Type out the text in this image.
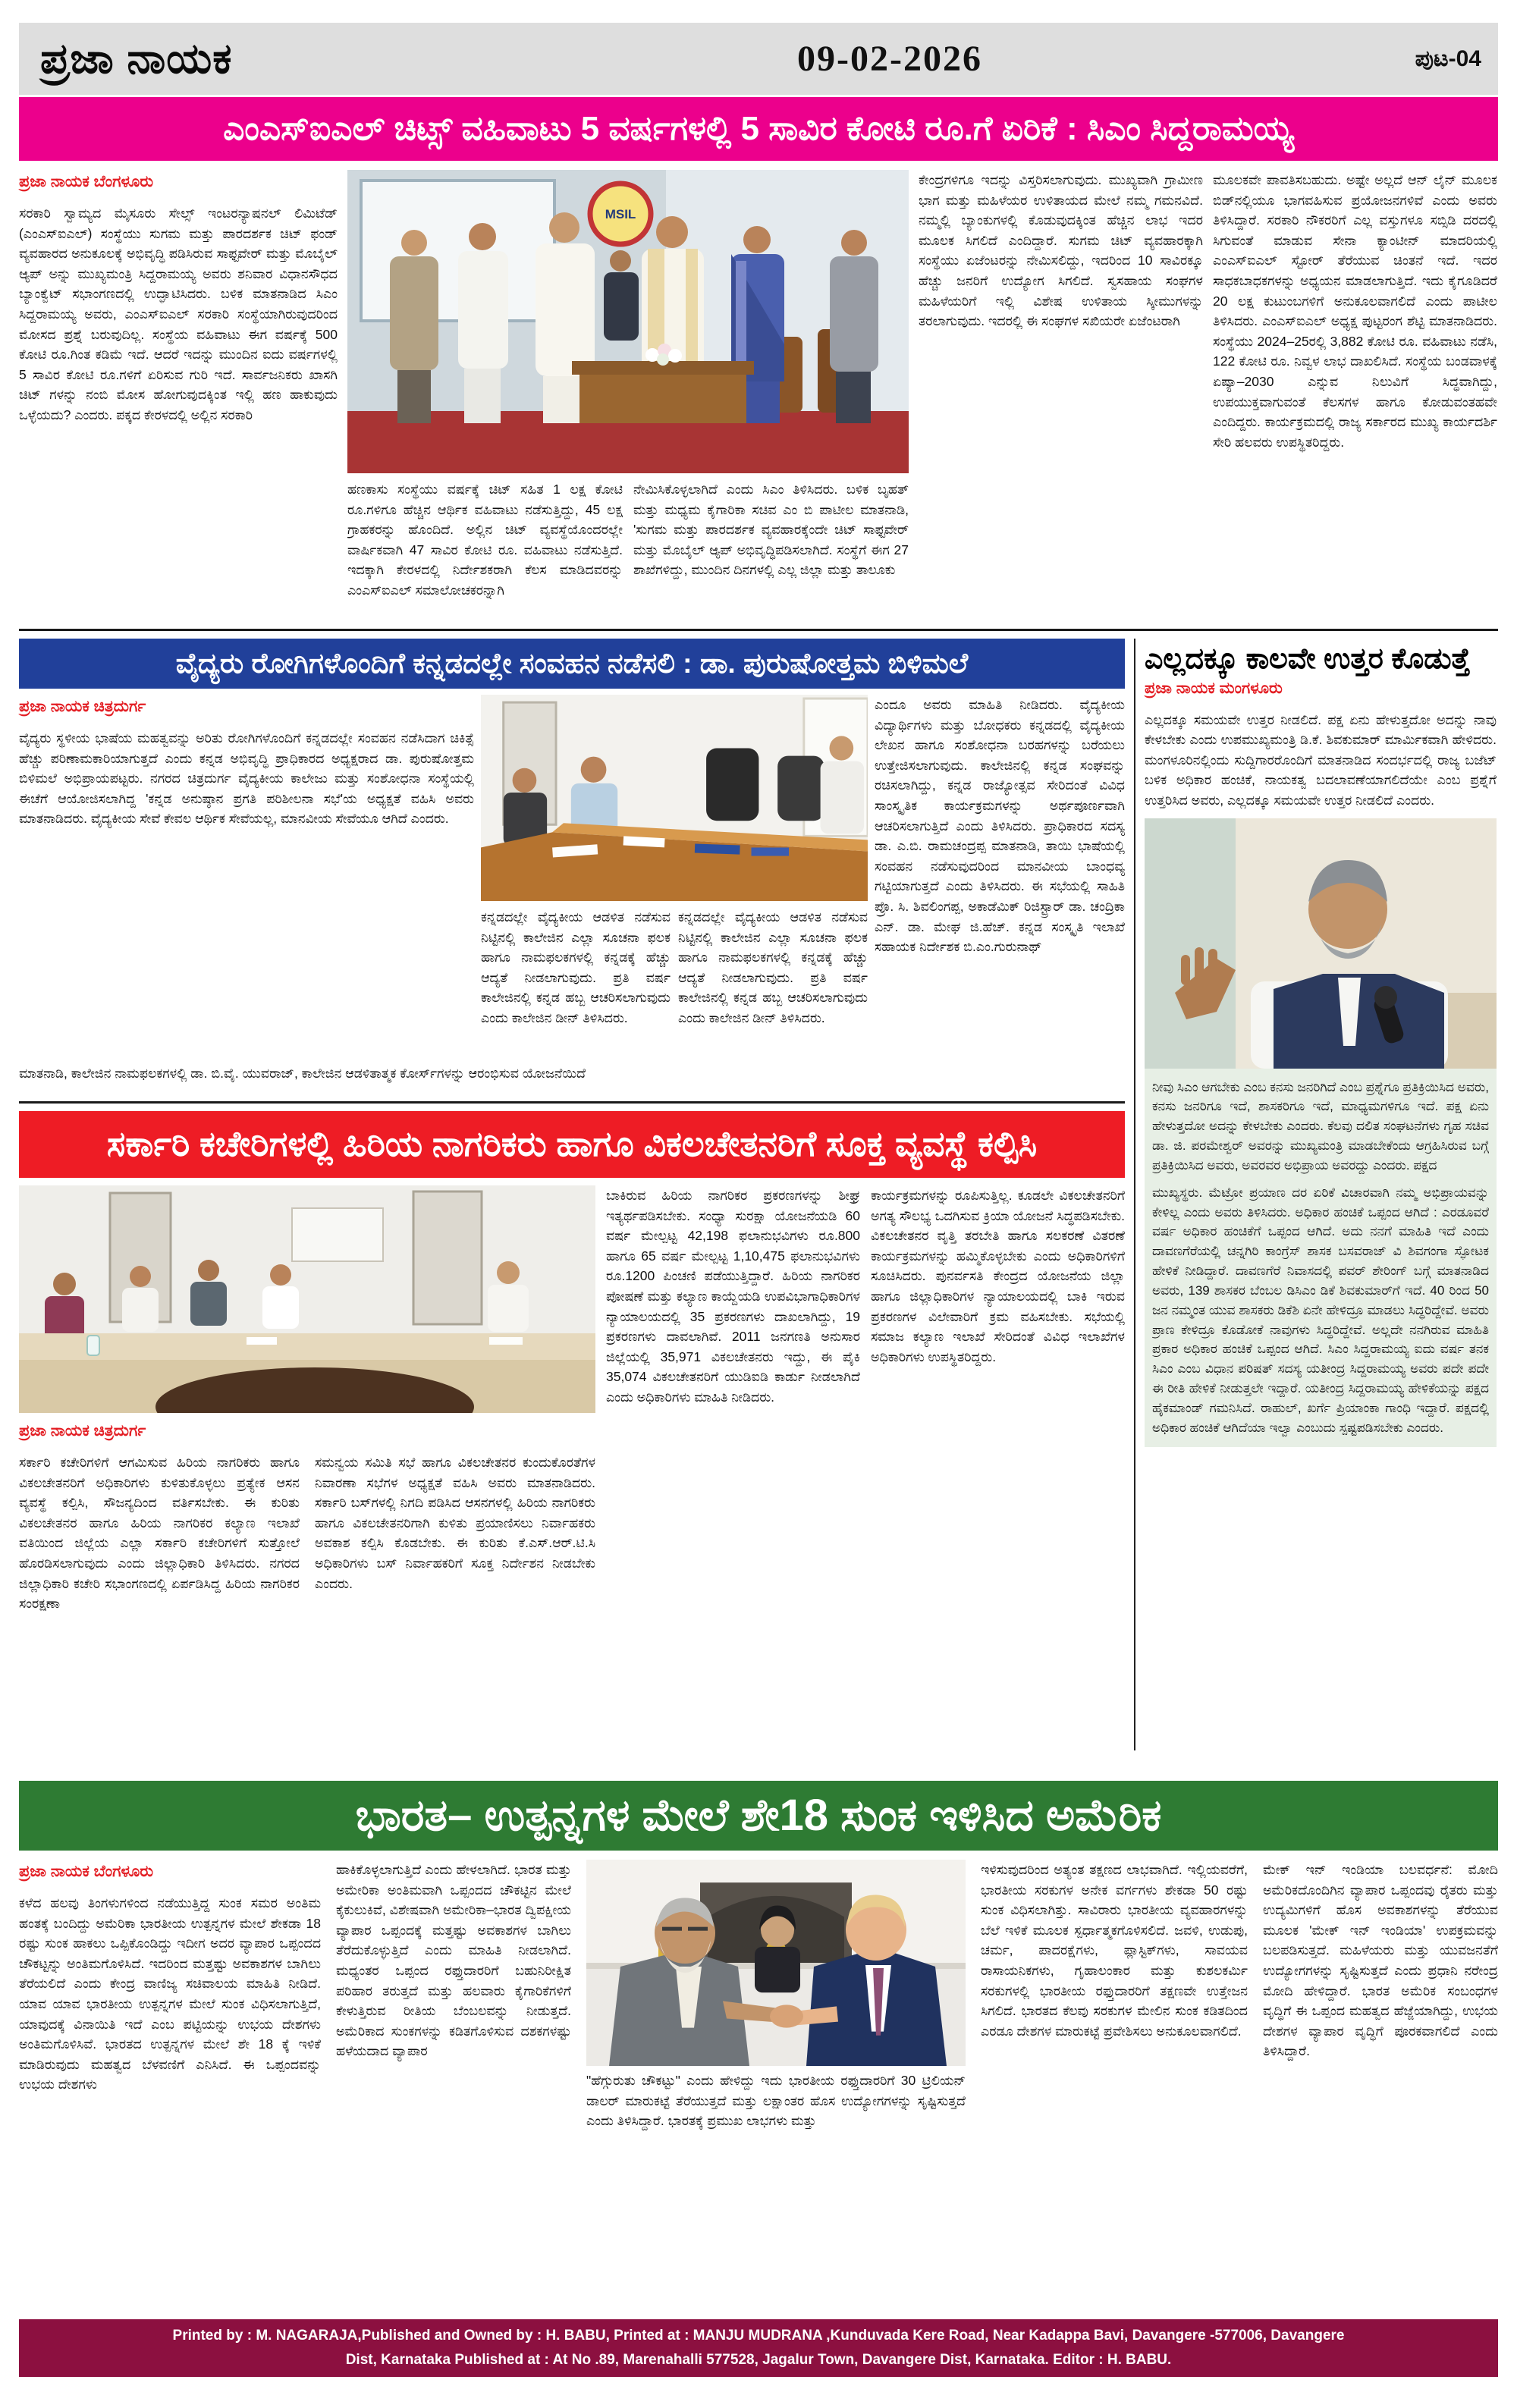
ಪ್ರಜಾ ನಾಯಕ	09-02-2026	ಪುಟ-04
ಎಂಎಸ್ಐಎಲ್ ಚಿಟ್ಸ್ ವಹಿವಾಟು 5 ವರ್ಷಗಳಲ್ಲಿ 5 ಸಾವಿರ ಕೋಟಿ ರೂ.ಗೆ ಏರಿಕೆ : ಸಿಎಂ ಸಿದ್ದರಾಮಯ್ಯ
ಪ್ರಜಾ ನಾಯಕ ಬೆಂಗಳೂರು
ಸರಕಾರಿ ಸ್ವಾಮ್ಯದ ಮೈಸೂರು ಸೇಲ್ಸ್ ಇಂಟರನ್ಯಾಷನಲ್ ಲಿಮಿಟೆಡ್ (ಎಂಎಸ್ಐಎಲ್) ಸಂಸ್ಥೆಯು ಸುಗಮ ಮತ್ತು ಪಾರದರ್ಶಕ ಚಿಟ್ ಫಂಡ್ ವ್ಯವಹಾರದ ಅನುಕೂಲಕ್ಕೆ ಅಭಿವೃದ್ಧಿ ಪಡಿಸಿರುವ ಸಾಫ್ಟವೇರ್ ಮತ್ತು ಮೊಬೈಲ್ ಆ್ಯಪ್ ಅನ್ನು ಮುಖ್ಯಮಂತ್ರಿ ಸಿದ್ದರಾಮಯ್ಯ ಅವರು ಶನಿವಾರ ವಿಧಾನಸೌಧದ ಬ್ಯಾಂಕ್ವೆಟ್ ಸಭಾಂಗಣದಲ್ಲಿ ಉದ್ಘಾಟಿಸಿದರು. ಬಳಿಕ ಮಾತನಾಡಿದ ಸಿಎಂ ಸಿದ್ದರಾಮಯ್ಯ ಅವರು, ಎಂಎಸ್ಐಎಲ್ ಸರಕಾರಿ ಸಂಸ್ಥೆಯಾಗಿರುವುದರಿಂದ ಮೋಸದ ಪ್ರಶ್ನೆ ಬರುವುದಿಲ್ಲ. ಸಂಸ್ಥೆಯ ವಹಿವಾಟು ಈಗ ವರ್ಷಕ್ಕೆ 500 ಕೋಟಿ ರೂ.ಗಿಂತ ಕಡಿಮೆ ಇದೆ. ಆದರೆ ಇದನ್ನು ಮುಂದಿನ ಐದು ವರ್ಷಗಳಲ್ಲಿ 5 ಸಾವಿರ ಕೋಟಿ ರೂ.ಗಳಿಗೆ ಏರಿಸುವ ಗುರಿ ಇದೆ. ಸಾರ್ವಜನಿಕರು ಖಾಸಗಿ ಚಿಟ್ ಗಳನ್ನು ನಂಬಿ ಮೋಸ ಹೋಗುವುದಕ್ಕಿಂತ ಇಲ್ಲಿ ಹಣ ಹಾಕುವುದು ಒಳ್ಳೆಯದು? ಎಂದರು. ಪಕ್ಕದ ಕೇರಳದಲ್ಲಿ ಅಲ್ಲಿನ ಸರಕಾರಿ
MSIL
ಹಣಕಾಸು ಸಂಸ್ಥೆಯು ವರ್ಷಕ್ಕೆ ಚಿಟ್ ಸಹಿತ 1 ಲಕ್ಷ ಕೋಟಿ ರೂ.ಗಳಿಗೂ ಹೆಚ್ಚಿನ ಆರ್ಥಿಕ ವಹಿವಾಟು ನಡೆಸುತ್ತಿದ್ದು, 45 ಲಕ್ಷ ಗ್ರಾಹಕರನ್ನು ಹೊಂದಿದೆ. ಅಲ್ಲಿನ ಚಿಟ್ ವ್ಯವಸ್ಥೆಯೊಂದರಲ್ಲೇ ವಾರ್ಷಿಕವಾಗಿ 47 ಸಾವಿರ ಕೋಟಿ ರೂ. ವಹಿವಾಟು ನಡೆಸುತ್ತಿದೆ. ಇದಕ್ಕಾಗಿ ಕೇರಳದಲ್ಲಿ ನಿರ್ದೇಶಕರಾಗಿ ಕೆಲಸ ಮಾಡಿದವರನ್ನು ಎಂಎಸ್ಐಎಲ್ ಸಮಾಲೋಚಕರನ್ನಾಗಿ
ನೇಮಿಸಿಕೊಳ್ಳಲಾಗಿದೆ ಎಂದು ಸಿಎಂ ತಿಳಿಸಿದರು. ಬಳಿಕ ಬೃಹತ್ ಮತ್ತು ಮಧ್ಯಮ ಕೈಗಾರಿಕಾ ಸಚಿವ ಎಂ ಬಿ ಪಾಟೀಲ ಮಾತನಾಡಿ, 'ಸುಗಮ ಮತ್ತು ಪಾರದರ್ಶಕ ವ್ಯವಹಾರಕ್ಕೆಂದೇ ಚಿಟ್ ಸಾಫ್ಟವೇರ್ ಮತ್ತು ಮೊಬೈಲ್ ಆ್ಯಪ್ ಅಭಿವೃದ್ಧಿಪಡಿಸಲಾಗಿದೆ. ಸಂಸ್ಥೆಗೆ ಈಗ 27 ಶಾಖೆಗಳಿದ್ದು, ಮುಂದಿನ ದಿನಗಳಲ್ಲಿ ಎಲ್ಲ ಜಿಲ್ಲಾ ಮತ್ತು ತಾಲೂಕು
ಕೇಂದ್ರಗಳಿಗೂ ಇದನ್ನು ವಿಸ್ತರಿಸಲಾಗುವುದು. ಮುಖ್ಯವಾಗಿ ಗ್ರಾಮೀಣ ಭಾಗ ಮತ್ತು ಮಹಿಳೆಯರ ಉಳಿತಾಯದ ಮೇಲೆ ನಮ್ಮ ಗಮನವಿದೆ. ನಮ್ಮಲ್ಲಿ ಬ್ಯಾಂಕುಗಳಲ್ಲಿ ಕೊಡುವುದಕ್ಕಿಂತ ಹೆಚ್ಚಿನ ಲಾಭ ಇದರ ಮೂಲಕ ಸಿಗಲಿದೆ ಎಂದಿದ್ದಾರೆ. ಸುಗಮ ಚಿಟ್ ವ್ಯವಹಾರಕ್ಕಾಗಿ ಸಂಸ್ಥೆಯು ಏಜೆಂಟರನ್ನು ನೇಮಿಸಲಿದ್ದು, ಇದರಿಂದ 10 ಸಾವಿರಕ್ಕೂ ಹೆಚ್ಚು ಜನರಿಗೆ ಉದ್ಯೋಗ ಸಿಗಲಿದೆ. ಸ್ವಸಹಾಯ ಸಂಘಗಳ ಮಹಿಳೆಯರಿಗೆ ಇಲ್ಲಿ ವಿಶೇಷ ಉಳಿತಾಯ ಸ್ಕೀಮುಗಳನ್ನು ತರಲಾಗುವುದು. ಇದರಲ್ಲಿ ಈ ಸಂಘಗಳ ಸಖಿಯರೇ ಏಜೆಂಟರಾಗಿ
ಮೂಲಕವೇ ಪಾವತಿಸಬಹುದು. ಅಷ್ಟೇ ಅಲ್ಲದೆ ಆನ್ ಲೈನ್ ಮೂಲಕ ಬಿಡ್‌ನಲ್ಲಿಯೂ ಭಾಗವಹಿಸುವ ಪ್ರಯೋಜನಗಳಿವೆ ಎಂದು ಅವರು ತಿಳಿಸಿದ್ದಾರೆ. ಸರಕಾರಿ ನೌಕರರಿಗೆ ಎಲ್ಲ ವಸ್ತುಗಳೂ ಸಬ್ಸಿಡಿ ದರದಲ್ಲಿ ಸಿಗುವಂತೆ ಮಾಡುವ ಸೇನಾ ಕ್ಯಾಂಟೀನ್ ಮಾದರಿಯಲ್ಲಿ ಎಂಎಸ್ಐಎಲ್ ಸ್ಟೋರ್ ತೆರೆಯುವ ಚಿಂತನೆ ಇದೆ. ಇದರ ಸಾಧಕಬಾಧಕಗಳನ್ನು ಅಧ್ಯಯನ ಮಾಡಲಾಗುತ್ತಿದೆ. ಇದು ಕೈಗೂಡಿದರೆ 20 ಲಕ್ಷ ಕುಟುಂಬಗಳಿಗೆ ಅನುಕೂಲವಾಗಲಿದೆ ಎಂದು ಪಾಟೀಲ ತಿಳಿಸಿದರು. ಎಂಎಸ್ಐಎಲ್ ಅಧ್ಯಕ್ಷ ಪುಟ್ಟರಂಗ ಶೆಟ್ಟಿ ಮಾತನಾಡಿದರು. ಸಂಸ್ಥೆಯು 2024–25ರಲ್ಲಿ 3,882 ಕೋಟಿ ರೂ. ವಹಿವಾಟು ನಡೆಸಿ, 122 ಕೋಟಿ ರೂ. ನಿವ್ವಳ ಲಾಭ ದಾಖಲಿಸಿದೆ. ಸಂಸ್ಥೆಯ ಬಂಡವಾಳಕ್ಕೆ ಏಷ್ಯಾ–2030 ಎನ್ನುವ ನಿಲುವಿಗೆ ಸಿದ್ಧವಾಗಿದ್ದು, ಉಪಯುಕ್ತವಾಗುವಂತೆ ಕೆಲಸಗಳ ಹಾಗೂ ಕೋಡುವಂತಹವೇ ಎಂದಿದ್ದರು. ಕಾರ್ಯಕ್ರಮದಲ್ಲಿ ರಾಜ್ಯ ಸರ್ಕಾರದ ಮುಖ್ಯ ಕಾರ್ಯದರ್ಶಿ ಸೇರಿ ಹಲವರು ಉಪಸ್ಥಿತರಿದ್ದರು.
ವೈದ್ಯರು ರೋಗಿಗಳೊಂದಿಗೆ ಕನ್ನಡದಲ್ಲೇ ಸಂವಹನ ನಡೆಸಲಿ : ಡಾ. ಪುರುಷೋತ್ತಮ ಬಿಳಿಮಲೆ
ಪ್ರಜಾ ನಾಯಕ ಚಿತ್ರದುರ್ಗ
ವೈದ್ಯರು ಸ್ಥಳೀಯ ಭಾಷೆಯ ಮಹತ್ವವನ್ನು ಅರಿತು ರೋಗಿಗಳೊಂದಿಗೆ ಕನ್ನಡದಲ್ಲೇ ಸಂವಹನ ನಡೆಸಿದಾಗ ಚಿಕಿತ್ಸೆ ಹೆಚ್ಚು ಪರಿಣಾಮಕಾರಿಯಾಗುತ್ತದೆ ಎಂದು ಕನ್ನಡ ಅಭಿವೃದ್ಧಿ ಪ್ರಾಧಿಕಾರದ ಅಧ್ಯಕ್ಷರಾದ ಡಾ. ಪುರುಷೋತ್ತಮ ಬಿಳಿಮಲೆ ಅಭಿಪ್ರಾಯಪಟ್ಟರು. ನಗರದ ಚಿತ್ರದುರ್ಗ ವೈದ್ಯಕೀಯ ಕಾಲೇಜು ಮತ್ತು ಸಂಶೋಧನಾ ಸಂಸ್ಥೆಯಲ್ಲಿ ಈಚೆಗೆ ಆಯೋಜಿಸಲಾಗಿದ್ದ 'ಕನ್ನಡ ಅನುಷ್ಠಾನ ಪ್ರಗತಿ ಪರಿಶೀಲನಾ ಸಭೆ'ಯ ಅಧ್ಯಕ್ಷತೆ ವಹಿಸಿ ಅವರು ಮಾತನಾಡಿದರು. ವೈದ್ಯಕೀಯ ಸೇವೆ ಕೇವಲ ಆರ್ಥಿಕ ಸೇವೆಯಲ್ಲ, ಮಾನವೀಯ ಸೇವೆಯೂ ಆಗಿದೆ ಎಂದರು.
ಕನ್ನಡದಲ್ಲೇ ವೈದ್ಯಕೀಯ ಆಡಳಿತ ನಡೆಸುವ ನಿಟ್ಟಿನಲ್ಲಿ ಕಾಲೇಜಿನ ಎಲ್ಲಾ ಸೂಚನಾ ಫಲಕ ಹಾಗೂ ನಾಮಫಲಕಗಳಲ್ಲಿ ಕನ್ನಡಕ್ಕೆ ಹೆಚ್ಚು ಆದ್ಯತೆ ನೀಡಲಾಗುವುದು. ಪ್ರತಿ ವರ್ಷ ಕಾಲೇಜಿನಲ್ಲಿ ಕನ್ನಡ ಹಬ್ಬ ಆಚರಿಸಲಾಗುವುದು ಎಂದು ಕಾಲೇಜಿನ ಡೀನ್ ತಿಳಿಸಿದರು.
ಕನ್ನಡದಲ್ಲೇ ವೈದ್ಯಕೀಯ ಆಡಳಿತ ನಡೆಸುವ ನಿಟ್ಟಿನಲ್ಲಿ ಕಾಲೇಜಿನ ಎಲ್ಲಾ ಸೂಚನಾ ಫಲಕ ಹಾಗೂ ನಾಮಫಲಕಗಳಲ್ಲಿ ಕನ್ನಡಕ್ಕೆ ಹೆಚ್ಚು ಆದ್ಯತೆ ನೀಡಲಾಗುವುದು. ಪ್ರತಿ ವರ್ಷ ಕಾಲೇಜಿನಲ್ಲಿ ಕನ್ನಡ ಹಬ್ಬ ಆಚರಿಸಲಾಗುವುದು ಎಂದು ಕಾಲೇಜಿನ ಡೀನ್ ತಿಳಿಸಿದರು.
ಎಂದೂ ಅವರು ಮಾಹಿತಿ ನೀಡಿದರು. ವೈದ್ಯಕೀಯ ವಿದ್ಯಾರ್ಥಿಗಳು ಮತ್ತು ಬೋಧಕರು ಕನ್ನಡದಲ್ಲಿ ವೈದ್ಯಕೀಯ ಲೇಖನ ಹಾಗೂ ಸಂಶೋಧನಾ ಬರಹಗಳನ್ನು ಬರೆಯಲು ಉತ್ತೇಜಿಸಲಾಗುವುದು. ಕಾಲೇಜಿನಲ್ಲಿ ಕನ್ನಡ ಸಂಘವನ್ನು ರಚಿಸಲಾಗಿದ್ದು, ಕನ್ನಡ ರಾಜ್ಯೋತ್ಸವ ಸೇರಿದಂತೆ ವಿವಿಧ ಸಾಂಸ್ಕೃತಿಕ ಕಾರ್ಯಕ್ರಮಗಳನ್ನು ಅರ್ಥಪೂರ್ಣವಾಗಿ ಆಚರಿಸಲಾಗುತ್ತಿದೆ ಎಂದು ತಿಳಿಸಿದರು. ಪ್ರಾಧಿಕಾರದ ಸದಸ್ಯ ಡಾ. ಎ.ಬಿ. ರಾಮಚಂದ್ರಪ್ಪ ಮಾತನಾಡಿ, ತಾಯಿ ಭಾಷೆಯಲ್ಲಿ ಸಂವಹನ ನಡೆಸುವುದರಿಂದ ಮಾನವೀಯ ಬಾಂಧವ್ಯ ಗಟ್ಟಿಯಾಗುತ್ತದೆ ಎಂದು ತಿಳಿಸಿದರು. ಈ ಸಭೆಯಲ್ಲಿ ಸಾಹಿತಿ ಪ್ರೊ. ಸಿ. ಶಿವಲಿಂಗಪ್ಪ, ಅಕಾಡೆಮಿಕ್ ರಿಜಿಸ್ಟ್ರಾರ್ ಡಾ. ಚಂದ್ರಿಕಾ ಎನ್. ಡಾ. ಮೇಘ ಜಿ.ಹೆಚ್. ಕನ್ನಡ ಸಂಸ್ಕೃತಿ ಇಲಾಖೆ ಸಹಾಯಕ ನಿರ್ದೇಶಕ ಬಿ.ಎಂ.ಗುರುನಾಥ್
ಮಾತನಾಡಿ, ಕಾಲೇಜಿನ ನಾಮಫಲಕಗಳಲ್ಲಿ ಡಾ. ಬಿ.ವೈ. ಯುವರಾಜ್, ಕಾಲೇಜಿನ ಆಡಳಿತಾತ್ಮಕ ಕೋರ್ಸ್‌ಗಳನ್ನು ಆರಂಭಿಸುವ ಯೋಜನೆಯಿದೆ
ಸರ್ಕಾರಿ ಕಚೇರಿಗಳಲ್ಲಿ ಹಿರಿಯ ನಾಗರಿಕರು ಹಾಗೂ ವಿಕಲಚೇತನರಿಗೆ ಸೂಕ್ತ ವ್ಯವಸ್ಥೆ ಕಲ್ಪಿಸಿ
ಪ್ರಜಾ ನಾಯಕ ಚಿತ್ರದುರ್ಗ
ಸರ್ಕಾರಿ ಕಚೇರಿಗಳಿಗೆ ಆಗಮಿಸುವ ಹಿರಿಯ ನಾಗರಿಕರು ಹಾಗೂ ವಿಕಲಚೇತನರಿಗೆ ಅಧಿಕಾರಿಗಳು ಕುಳಿತುಕೊಳ್ಳಲು ಪ್ರತ್ಯೇಕ ಆಸನ ವ್ಯವಸ್ಥೆ ಕಲ್ಪಿಸಿ, ಸೌಜನ್ಯದಿಂದ ವರ್ತಿಸಬೇಕು. ಈ ಕುರಿತು ವಿಕಲಚೇತನರ ಹಾಗೂ ಹಿರಿಯ ನಾಗರಿಕರ ಕಲ್ಯಾಣ ಇಲಾಖೆ ವತಿಯಿಂದ ಜಿಲ್ಲೆಯ ಎಲ್ಲಾ ಸರ್ಕಾರಿ ಕಚೇರಿಗಳಿಗೆ ಸುತ್ತೋಲೆ ಹೊರಡಿಸಲಾಗುವುದು ಎಂದು ಜಿಲ್ಲಾಧಿಕಾರಿ ತಿಳಿಸಿದರು. ನಗರದ ಜಿಲ್ಲಾಧಿಕಾರಿ ಕಚೇರಿ ಸಭಾಂಗಣದಲ್ಲಿ ಏರ್ಪಡಿಸಿದ್ದ ಹಿರಿಯ ನಾಗರಿಕರ ಸಂರಕ್ಷಣಾ
ಸಮನ್ವಯ ಸಮಿತಿ ಸಭೆ ಹಾಗೂ ವಿಕಲಚೇತನರ ಕುಂದುಕೊರತೆಗಳ ನಿವಾರಣಾ ಸಭೆಗಳ ಅಧ್ಯಕ್ಷತೆ ವಹಿಸಿ ಅವರು ಮಾತನಾಡಿದರು. ಸರ್ಕಾರಿ ಬಸ್‌ಗಳಲ್ಲಿ ನಿಗದಿ ಪಡಿಸಿದ ಆಸನಗಳಲ್ಲಿ ಹಿರಿಯ ನಾಗರಿಕರು ಹಾಗೂ ವಿಕಲಚೇತನರಿಗಾಗಿ ಕುಳಿತು ಪ್ರಯಾಣಿಸಲು ನಿರ್ವಾಹಕರು ಅವಕಾಶ ಕಲ್ಪಿಸಿ ಕೊಡಬೇಕು. ಈ ಕುರಿತು ಕೆ.ಎಸ್.ಆರ್.ಟಿ.ಸಿ ಅಧಿಕಾರಿಗಳು ಬಸ್ ನಿರ್ವಾಹಕರಿಗೆ ಸೂಕ್ತ ನಿರ್ದೇಶನ ನೀಡಬೇಕು ಎಂದರು.
ಬಾಕಿರುವ ಹಿರಿಯ ನಾಗರಿಕರ ಪ್ರಕರಣಗಳನ್ನು ಶೀಘ್ರ ಇತ್ಯರ್ಥಪಡಿಸಬೇಕು. ಸಂಧ್ಯಾ ಸುರಕ್ಷಾ ಯೋಜನೆಯಡಿ 60 ವರ್ಷ ಮೇಲ್ಪಟ್ಟ 42,198 ಫಲಾನುಭವಿಗಳು ರೂ.800 ಹಾಗೂ 65 ವರ್ಷ ಮೇಲ್ಪಟ್ಟ 1,10,475 ಫಲಾನುಭವಿಗಳು ರೂ.1200 ಪಿಂಚಣಿ ಪಡೆಯುತ್ತಿದ್ದಾರೆ. ಹಿರಿಯ ನಾಗರಿಕರ ಪೋಷಣೆ ಮತ್ತು ಕಲ್ಯಾಣ ಕಾಯ್ದೆಯಡಿ ಉಪವಿಭಾಗಾಧಿಕಾರಿಗಳ ನ್ಯಾಯಾಲಯದಲ್ಲಿ 35 ಪ್ರಕರಣಗಳು ದಾಖಲಾಗಿದ್ದು, 19 ಪ್ರಕರಣಗಳು ದಾವಲಾಗಿವೆ. 2011 ಜನಗಣತಿ ಅನುಸಾರ ಜಿಲ್ಲೆಯಲ್ಲಿ 35,971 ವಿಕಲಚೇತನರು ಇದ್ದು, ಈ ಪೈಕಿ 35,074 ವಿಕಲಚೇತನರಿಗೆ ಯುಡಿಐಡಿ ಕಾರ್ಡು ನೀಡಲಾಗಿದೆ ಎಂದು ಅಧಿಕಾರಿಗಳು ಮಾಹಿತಿ ನೀಡಿದರು.
ಕಾರ್ಯಕ್ರಮಗಳನ್ನು ರೂಪಿಸುತ್ತಿಲ್ಲ. ಕೂಡಲೇ ವಿಕಲಚೇತನರಿಗೆ ಅಗತ್ಯ ಸೌಲಭ್ಯ ಒದಗಿಸುವ ಕ್ರಿಯಾ ಯೋಜನೆ ಸಿದ್ಧಪಡಿಸಬೇಕು. ವಿಕಲಚೇತನರ ವೃತ್ತಿ ತರಬೇತಿ ಹಾಗೂ ಸಲಕರಣೆ ವಿತರಣೆ ಕಾರ್ಯಕ್ರಮಗಳನ್ನು ಹಮ್ಮಿಕೊಳ್ಳಬೇಕು ಎಂದು ಅಧಿಕಾರಿಗಳಿಗೆ ಸೂಚಿಸಿದರು. ಪುನರ್ವಸತಿ ಕೇಂದ್ರದ ಯೋಜನೆಯ ಜಿಲ್ಲಾ ಹಾಗೂ ಜಿಲ್ಲಾಧಿಕಾರಿಗಳ ನ್ಯಾಯಾಲಯದಲ್ಲಿ ಬಾಕಿ ಇರುವ ಪ್ರಕರಣಗಳ ವಿಲೇವಾರಿಗೆ ಕ್ರಮ ವಹಿಸಬೇಕು. ಸಭೆಯಲ್ಲಿ ಸಮಾಜ ಕಲ್ಯಾಣ ಇಲಾಖೆ ಸೇರಿದಂತೆ ವಿವಿಧ ಇಲಾಖೆಗಳ ಅಧಿಕಾರಿಗಳು ಉಪಸ್ಥಿತರಿದ್ದರು.
ಎಲ್ಲದಕ್ಕೂ ಕಾಲವೇ ಉತ್ತರ ಕೊಡುತ್ತೆ
ಪ್ರಜಾ ನಾಯಕ ಮಂಗಳೂರು
ಎಲ್ಲದಕ್ಕೂ ಸಮಯವೇ ಉತ್ತರ ನೀಡಲಿದೆ. ಪಕ್ಷ ಏನು ಹೇಳುತ್ತದೋ ಅದನ್ನು ನಾವು ಕೇಳಬೇಕು ಎಂದು ಉಪಮುಖ್ಯಮಂತ್ರಿ ಡಿ.ಕೆ. ಶಿವಕುಮಾರ್ ಮಾರ್ಮಿಕವಾಗಿ ಹೇಳಿದರು. ಮಂಗಳೂರಿನಲ್ಲಿಂದು ಸುದ್ದಿಗಾರರೊಂದಿಗೆ ಮಾತನಾಡಿದ ಸಂದರ್ಭದಲ್ಲಿ ರಾಜ್ಯ ಬಜೆಟ್ ಬಳಿಕ ಅಧಿಕಾರ ಹಂಚಿಕೆ, ನಾಯಕತ್ವ ಬದಲಾವಣೆಯಾಗಲಿದೆಯೇ ಎಂಬ ಪ್ರಶ್ನೆಗೆ ಉತ್ತರಿಸಿದ ಅವರು, ಎಲ್ಲದಕ್ಕೂ ಸಮಯವೇ ಉತ್ತರ ನೀಡಲಿದೆ ಎಂದರು.
ನೀವು ಸಿಎಂ ಆಗಬೇಕು ಎಂಬ ಕನಸು ಜನರಿಗಿದೆ ಎಂಬ ಪ್ರಶ್ನೆಗೂ ಪ್ರತಿಕ್ರಿಯಿಸಿದ ಅವರು, ಕನಸು ಜನರಿಗೂ ಇದೆ, ಶಾಸಕರಿಗೂ ಇದೆ, ಮಾಧ್ಯಮಗಳಿಗೂ ಇದೆ. ಪಕ್ಷ ಏನು ಹೇಳುತ್ತದೋ ಅದನ್ನು ಕೇಳಬೇಕು ಎಂದರು. ಕೆಲವು ದಲಿತ ಸಂಘಟನೆಗಳು ಗೃಹ ಸಚಿವ ಡಾ. ಜಿ. ಪರಮೇಶ್ವರ್ ಅವರನ್ನು ಮುಖ್ಯಮಂತ್ರಿ ಮಾಡಬೇಕೆಂದು ಆಗ್ರಹಿಸಿರುವ ಬಗ್ಗೆ ಪ್ರತಿಕ್ರಿಯಿಸಿದ ಅವರು, ಅವರವರ ಅಭಿಪ್ರಾಯ ಅವರದ್ದು ಎಂದರು. ಪಕ್ಷದ
ಮುಖ್ಯಸ್ಥರು. ಮೆಟ್ರೋ ಪ್ರಯಾಣ ದರ ಏರಿಕೆ ವಿಚಾರವಾಗಿ ನಮ್ಮ ಅಭಿಪ್ರಾಯವನ್ನು ಕೇಳಿಲ್ಲ ಎಂದು ಅವರು ತಿಳಿಸಿದರು. ಅಧಿಕಾರ ಹಂಚಿಕೆ ಒಪ್ಪಂದ ಆಗಿದೆ : ಎರಡೂವರೆ ವರ್ಷ ಅಧಿಕಾರ ಹಂಚಿಕೆಗೆ ಒಪ್ಪಂದ ಆಗಿದೆ. ಅದು ನನಗೆ ಮಾಹಿತಿ ಇದೆ ಎಂದು ದಾವಣಗೆರೆಯಲ್ಲಿ ಚನ್ನಗಿರಿ ಕಾಂಗ್ರೆಸ್ ಶಾಸಕ ಬಸವರಾಜ್ ವಿ ಶಿವಗಂಗಾ ಸ್ಫೋಟಕ ಹೇಳಿಕೆ ನೀಡಿದ್ದಾರೆ. ದಾವಣಗೆರೆ ನಿವಾಸದಲ್ಲಿ ಪವರ್ ಶೇರಿಂಗ್ ಬಗ್ಗೆ ಮಾತನಾಡಿದ ಅವರು, 139 ಶಾಸಕರ ಬೆಂಬಲ ಡಿಸಿಎಂ ಡಿಕೆ ಶಿವಕುಮಾರ್‌ಗೆ ಇದೆ. 40 ರಿಂದ 50 ಜನ ನಮ್ಮಂತ ಯುವ ಶಾಸಕರು ಡಿಕೆಶಿ ಏನೇ ಹೇಳಿದ್ರೂ ಮಾಡಲು ಸಿದ್ಧರಿದ್ದೇವೆ. ಅವರು ಪ್ರಾಣ ಕೇಳಿದ್ರೂ ಕೊಡೋಕೆ ನಾವುಗಳು ಸಿದ್ಧರಿದ್ದೇವೆ. ಅಲ್ಲದೇ ನನಗಿರುವ ಮಾಹಿತಿ ಪ್ರಕಾರ ಅಧಿಕಾರ ಹಂಚಿಕೆ ಒಪ್ಪಂದ ಆಗಿದೆ. ಸಿಎಂ ಸಿದ್ದರಾಮಯ್ಯ ಐದು ವರ್ಷ ತನಕ ಸಿಎಂ ಎಂಬ ವಿಧಾನ ಪರಿಷತ್ ಸದಸ್ಯ ಯತೀಂದ್ರ ಸಿದ್ದರಾಮಯ್ಯ ಅವರು ಪದೇ ಪದೇ ಈ ರೀತಿ ಹೇಳಿಕೆ ನೀಡುತ್ತಲೇ ಇದ್ದಾರೆ. ಯತೀಂದ್ರ ಸಿದ್ದರಾಮಯ್ಯ ಹೇಳಿಕೆಯನ್ನು ಪಕ್ಷದ ಹೈಕಮಾಂಡ್ ಗಮನಿಸಿದೆ. ರಾಹುಲ್, ಖರ್ಗೆ ಪ್ರಿಯಾಂಕಾ ಗಾಂಧಿ ಇದ್ದಾರೆ. ಪಕ್ಷದಲ್ಲಿ ಅಧಿಕಾರ ಹಂಚಿಕೆ ಆಗಿದೆಯಾ ಇಲ್ವಾ ಎಂಬುದು ಸ್ಪಷ್ಟಪಡಿಸಬೇಕು ಎಂದರು.
ಭಾರತ– ಉತ್ಪನ್ನಗಳ ಮೇಲೆ ಶೇ18 ಸುಂಕ ಇಳಿಸಿದ ಅಮೆರಿಕ
ಪ್ರಜಾ ನಾಯಕ ಬೆಂಗಳೂರು
ಕಳೆದ ಹಲವು ತಿಂಗಳುಗಳಿಂದ ನಡೆಯುತ್ತಿದ್ದ ಸುಂಕ ಸಮರ ಅಂತಿಮ ಹಂತಕ್ಕೆ ಬಂದಿದ್ದು ಅಮೆರಿಕಾ ಭಾರತೀಯ ಉತ್ಪನ್ನಗಳ ಮೇಲೆ ಶೇಕಡಾ 18 ರಷ್ಟು ಸುಂಕ ಹಾಕಲು ಒಪ್ಪಿಕೊಂಡಿದ್ದು ಇದೀಗ ಅದರ ವ್ಯಾಪಾರ ಒಪ್ಪಂದದ ಚೌಕಟ್ಟನ್ನು ಅಂತಿಮಗೊಳಿಸಿದೆ. ಇದರಿಂದ ಮತ್ತಷ್ಟು ಅವಕಾಶಗಳ ಬಾಗಿಲು ತೆರೆಯಲಿದೆ ಎಂದು ಕೇಂದ್ರ ವಾಣಿಜ್ಯ ಸಚಿವಾಲಯ ಮಾಹಿತಿ ನೀಡಿದೆ. ಯಾವ ಯಾವ ಭಾರತೀಯ ಉತ್ಪನ್ನಗಳ ಮೇಲೆ ಸುಂಕ ವಿಧಿಸಲಾಗುತ್ತಿದೆ, ಯಾವುದಕ್ಕೆ ವಿನಾಯಿತಿ ಇದೆ ಎಂಬ ಪಟ್ಟಿಯನ್ನು ಉಭಯ ದೇಶಗಳು ಅಂತಿಮಗೊಳಿಸಿವೆ. ಭಾರತದ ಉತ್ಪನ್ನಗಳ ಮೇಲೆ ಶೇ 18 ಕ್ಕೆ ಇಳಿಕೆ ಮಾಡಿರುವುದು ಮಹತ್ವದ ಬೆಳವಣಿಗೆ ಎನಿಸಿದೆ. ಈ ಒಪ್ಪಂದವನ್ನು ಉಭಯ ದೇಶಗಳು
ಹಾಕಿಕೊಳ್ಳಲಾಗುತ್ತಿದೆ ಎಂದು ಹೇಳಲಾಗಿದೆ. ಭಾರತ ಮತ್ತು ಅಮೇರಿಕಾ ಅಂತಿಮವಾಗಿ ಒಪ್ಪಂದದ ಚೌಕಟ್ಟಿನ ಮೇಲೆ ಕೈಕುಲುಕಿವೆ, ವಿಶೇಷವಾಗಿ ಅಮೇರಿಕಾ–ಭಾರತ ದ್ವಿಪಕ್ಷೀಯ ವ್ಯಾಪಾರ ಒಪ್ಪಂದಕ್ಕೆ ಮತ್ತಷ್ಟು ಅವಕಾಶಗಳ ಬಾಗಿಲು ತೆರೆದುಕೊಳ್ಳುತ್ತಿದೆ ಎಂದು ಮಾಹಿತಿ ನೀಡಲಾಗಿದೆ. ಮಧ್ಯಂತರ ಒಪ್ಪಂದ ರಫ್ತುದಾರರಿಗೆ ಬಹುನಿರೀಕ್ಷಿತ ಪರಿಹಾರ ತರುತ್ತದೆ ಮತ್ತು ಹಲವಾರು ಕೈಗಾರಿಕೆಗಳಿಗೆ ಕೇಳುತ್ತಿರುವ ರೀತಿಯ ಬೆಂಬಲವನ್ನು ನೀಡುತ್ತದೆ. ಅಮೆರಿಕಾದ ಸುಂಕಗಳನ್ನು ಕಡಿತಗೊಳಿಸುವ ದಶಕಗಳಷ್ಟು ಹಳೆಯದಾದ ವ್ಯಾಪಾರ
"ಹೆಗ್ಗುರುತು ಚೌಕಟ್ಟು" ಎಂದು ಹೇಳಿದ್ದು ಇದು ಭಾರತೀಯ ರಫ್ತುದಾರರಿಗೆ 30 ಟ್ರಿಲಿಯನ್ ಡಾಲರ್ ಮಾರುಕಟ್ಟೆ ತೆರೆಯುತ್ತದೆ ಮತ್ತು ಲಕ್ಷಾಂತರ ಹೊಸ ಉದ್ಯೋಗಗಳನ್ನು ಸೃಷ್ಟಿಸುತ್ತದೆ ಎಂದು ತಿಳಿಸಿದ್ದಾರೆ. ಭಾರತಕ್ಕೆ ಪ್ರಮುಖ ಲಾಭಗಳು ಮತ್ತು
ಇಳಿಸುವುದರಿಂದ ಅತ್ಯಂತ ತಕ್ಷಣದ ಲಾಭವಾಗಿದೆ. ಇಲ್ಲಿಯವರೆಗೆ, ಭಾರತೀಯ ಸರಕುಗಳ ಅನೇಕ ವರ್ಗಗಳು ಶೇಕಡಾ 50 ರಷ್ಟು ಸುಂಕ ವಿಧಿಸಲಾಗಿತ್ತು. ಸಾವಿರಾರು ಭಾರತೀಯ ವ್ಯವಹಾರಗಳನ್ನು ಬೆಲೆ ಇಳಿಕೆ ಮೂಲಕ ಸ್ಪರ್ಧಾತ್ಮಕಗೊಳಿಸಲಿದೆ. ಜವಳಿ, ಉಡುಪು, ಚರ್ಮ, ಪಾದರಕ್ಷೆಗಳು, ಪ್ಲಾಸ್ಟಿಕ್‌ಗಳು, ಸಾವಯವ ರಾಸಾಯನಿಕಗಳು, ಗೃಹಾಲಂಕಾರ ಮತ್ತು ಕುಶಲಕರ್ಮಿ ಸರಕುಗಳಲ್ಲಿ ಭಾರತೀಯ ರಫ್ತುದಾರರಿಗೆ ತಕ್ಷಣವೇ ಉತ್ತೇಜನ ಸಿಗಲಿದೆ. ಭಾರತದ ಕೆಲವು ಸರಕುಗಳ ಮೇಲಿನ ಸುಂಕ ಕಡಿತದಿಂದ ಎರಡೂ ದೇಶಗಳ ಮಾರುಕಟ್ಟೆ ಪ್ರವೇಶಿಸಲು ಅನುಕೂಲವಾಗಲಿದೆ.
ಮೇಕ್ ಇನ್ ಇಂಡಿಯಾ ಬಲವರ್ಧನೆ: ಮೋದಿ ಅಮೆರಿಕದೊಂದಿಗಿನ ವ್ಯಾಪಾರ ಒಪ್ಪಂದವು ರೈತರು ಮತ್ತು ಉದ್ಯಮಿಗಳಿಗೆ ಹೊಸ ಅವಕಾಶಗಳನ್ನು ತೆರೆಯುವ ಮೂಲಕ 'ಮೇಕ್ ಇನ್ ಇಂಡಿಯಾ' ಉಪಕ್ರಮವನ್ನು ಬಲಪಡಿಸುತ್ತದೆ. ಮಹಿಳೆಯರು ಮತ್ತು ಯುವಜನತೆಗೆ ಉದ್ಯೋಗಗಳನ್ನು ಸೃಷ್ಟಿಸುತ್ತದೆ ಎಂದು ಪ್ರಧಾನಿ ನರೇಂದ್ರ ಮೋದಿ ಹೇಳಿದ್ದಾರೆ. ಭಾರತ ಅಮೆರಿಕ ಸಂಬಂಧಗಳ ವೃದ್ಧಿಗೆ ಈ ಒಪ್ಪಂದ ಮಹತ್ವದ ಹೆಜ್ಜೆಯಾಗಿದ್ದು, ಉಭಯ ದೇಶಗಳ ವ್ಯಾಪಾರ ವೃದ್ಧಿಗೆ ಪೂರಕವಾಗಲಿದೆ ಎಂದು ತಿಳಿಸಿದ್ದಾರೆ.
Printed by : M. NAGARAJA,Published and Owned by : H. BABU, Printed at : MANJU MUDRANA ,Kunduvada Kere Road, Near Kadappa Bavi, Davangere -577006, Davangere
Dist, Karnataka Published at : At No .89, Marenahalli 577528, Jagalur Town, Davangere Dist, Karnataka. Editor : H. BABU.
